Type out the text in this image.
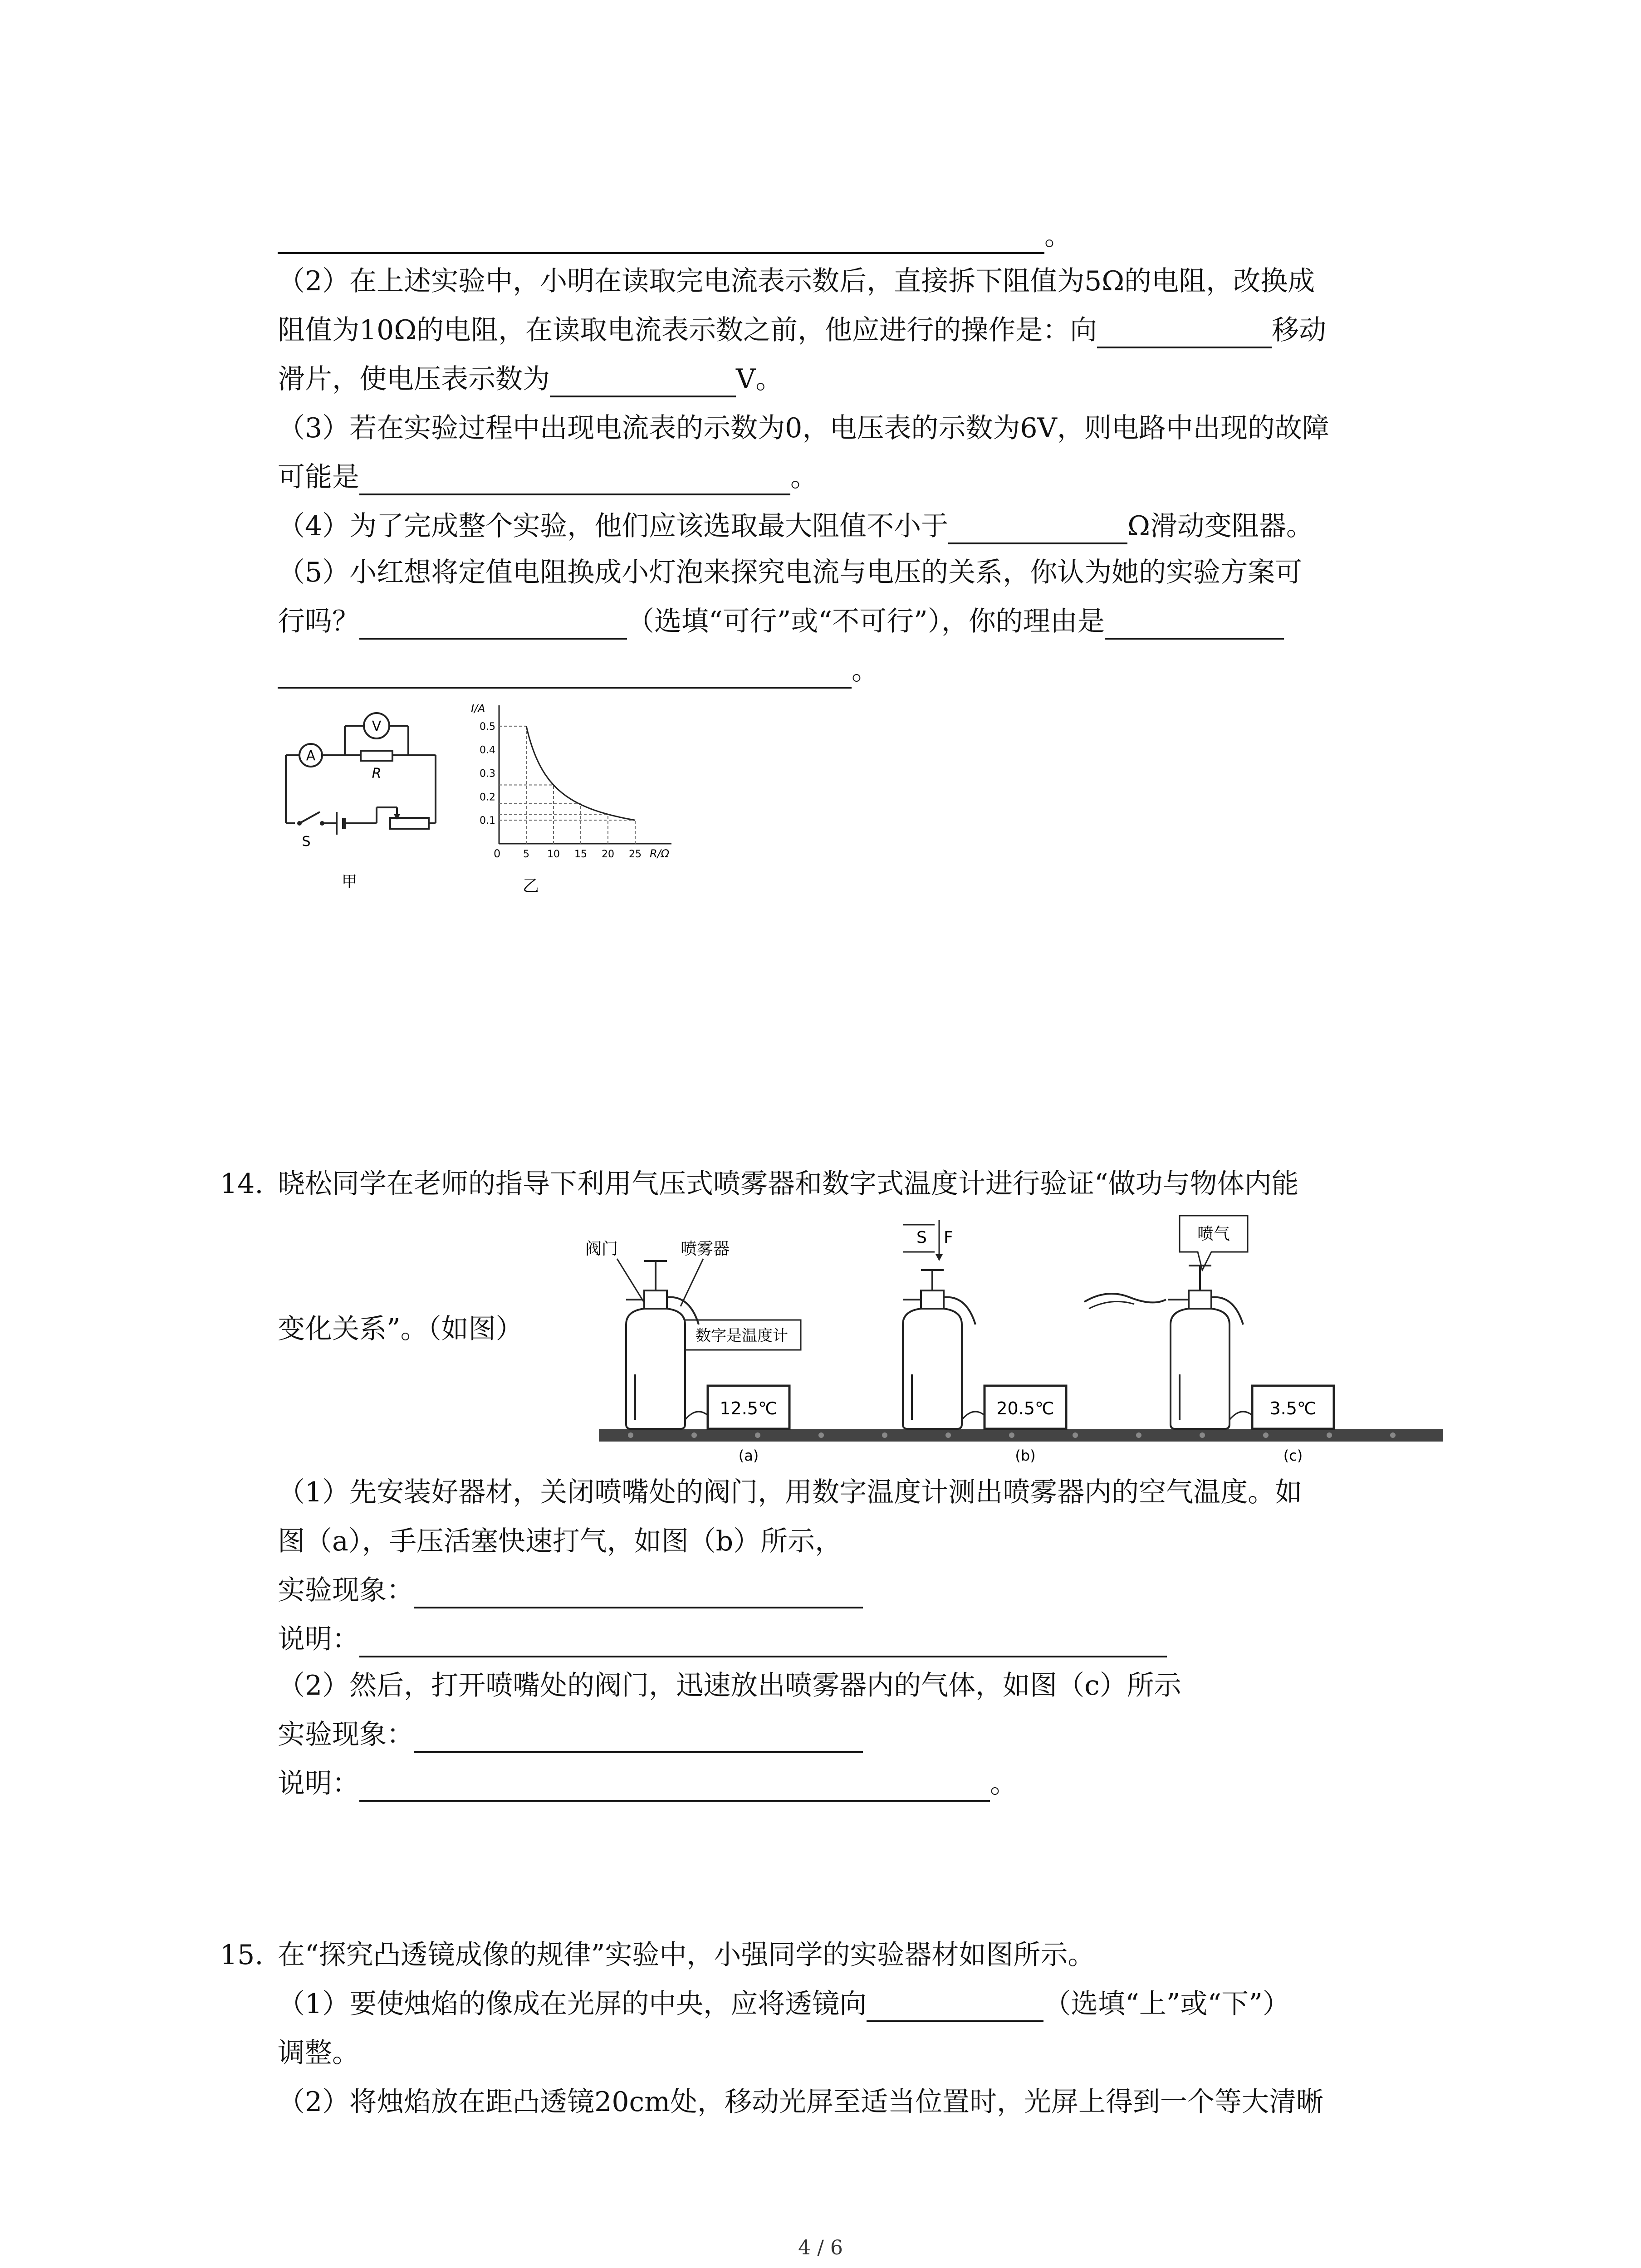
。
（2）在上述实验中，小明在读取完电流表示数后，直接拆下阻值为5Ω的电阻，改换成
阻值为10Ω的电阻，在读取电流表示数之前，他应进行的操作是：向	移动
滑片，使电压表示数为	V。
（3）若在实验过程中出现电流表的示数为0，电压表的示数为6V，则电路中出现的故障
可能是	。
（4）为了完成整个实验，他们应该选取最大阻值不小于	Ω滑动变阻器。
（5）小红想将定值电阻换成小灯泡来探究电流与电压的关系，你认为她的实验方案可
行吗？	（选填“可行”或“不可行”），你的理由是
。
A
V
R
S
甲
I/A
R/Ω
0
乙
5 10 15 20 25
0.1
0.2
0.3
0.4
0.5
14. 晓松同学在老师的指导下利用气压式喷雾器和数字式温度计进行验证“做功与物体内能
变化关系”。（如图）
阀门	喷雾器
数字是温度计
12.5℃
(a)
S F
20.5℃
(b)
喷气
3.5℃
(c)
（1）先安装好器材，关闭喷嘴处的阀门，用数字温度计测出喷雾器内的空气温度。如
图（a），手压活塞快速打气，如图（b）所示，
实验现象：
说明：
（2）然后，打开喷嘴处的阀门，迅速放出喷雾器内的气体，如图（c）所示
实验现象：
说明：	。
15. 在“探究凸透镜成像的规律”实验中，小强同学的实验器材如图所示。
（1）要使烛焰的像成在光屏的中央，应将透镜向	（选填“上”或“下”）
调整。
（2）将烛焰放在距凸透镜20cm处，移动光屏至适当位置时，光屏上得到一个等大清晰
4 / 6
